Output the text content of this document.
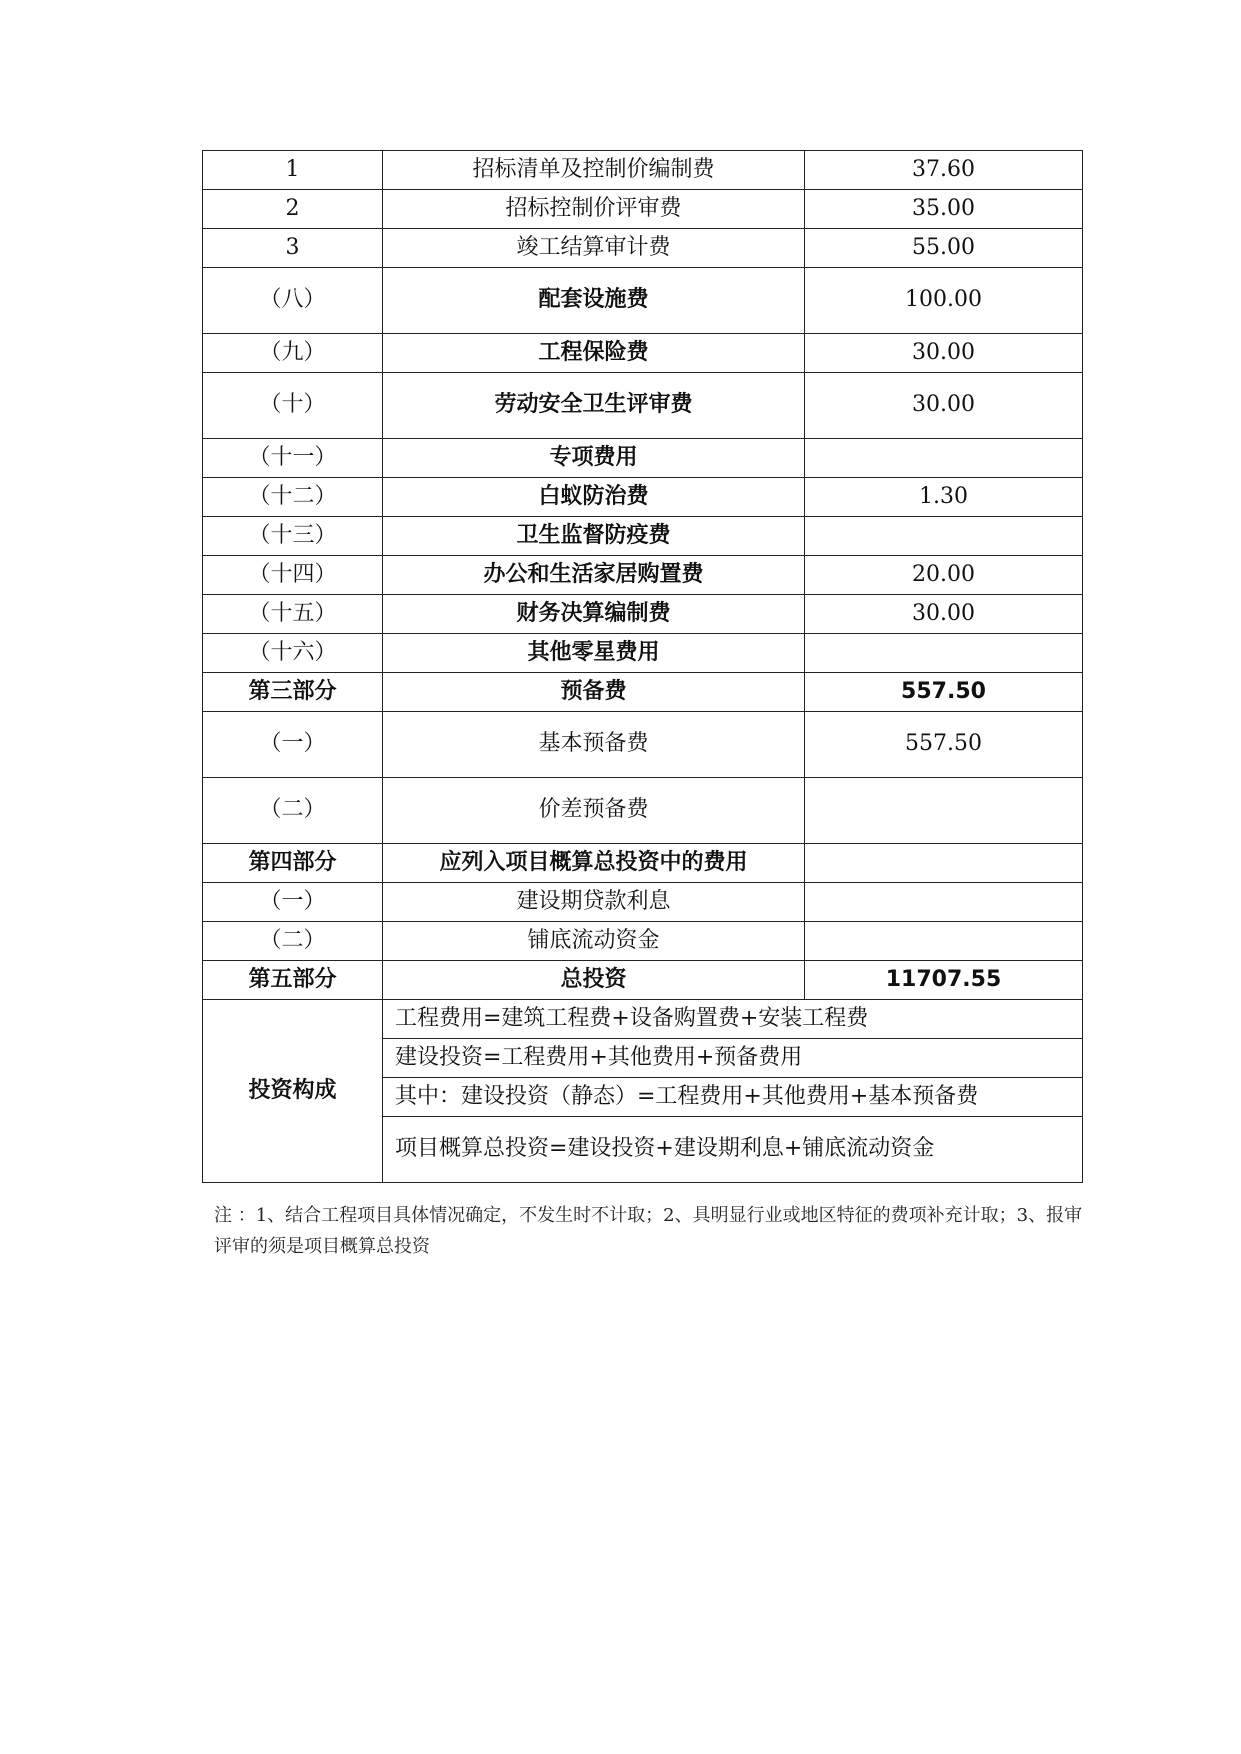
1	招标清单及控制价编制费	37.60
2	招标控制价评审费	35.00
3	竣工结算审计费	55.00
（八）	配套设施费	100.00
（九）	工程保险费	30.00
（十）	劳动安全卫生评审费	30.00
（十一）	专项费用	
（十二）	白蚁防治费	1.30
（十三）	卫生监督防疫费	
（十四）	办公和生活家居购置费	20.00
（十五）	财务决算编制费	30.00
（十六）	其他零星费用	
第三部分	预备费	557.50
（一）	基本预备费	557.50
（二）	价差预备费	
第四部分	应列入项目概算总投资中的费用	
（一）	建设期贷款利息	
（二）	铺底流动资金	
第五部分	总投资	11707.55
投资构成	工程费用=建筑工程费+设备购置费+安装工程费	
	建设投资=工程费用+其他费用+预备费用	
	其中：建设投资（静态）=工程费用+其他费用+基本预备费	
	项目概算总投资=建设投资+建设期利息+铺底流动资金	
注 ：1、结合工程项目具体情况确定，不发生时不计取；2、具明显行业或地区特征的费项补充计取；3、报审评审的须是项目概算总投资
